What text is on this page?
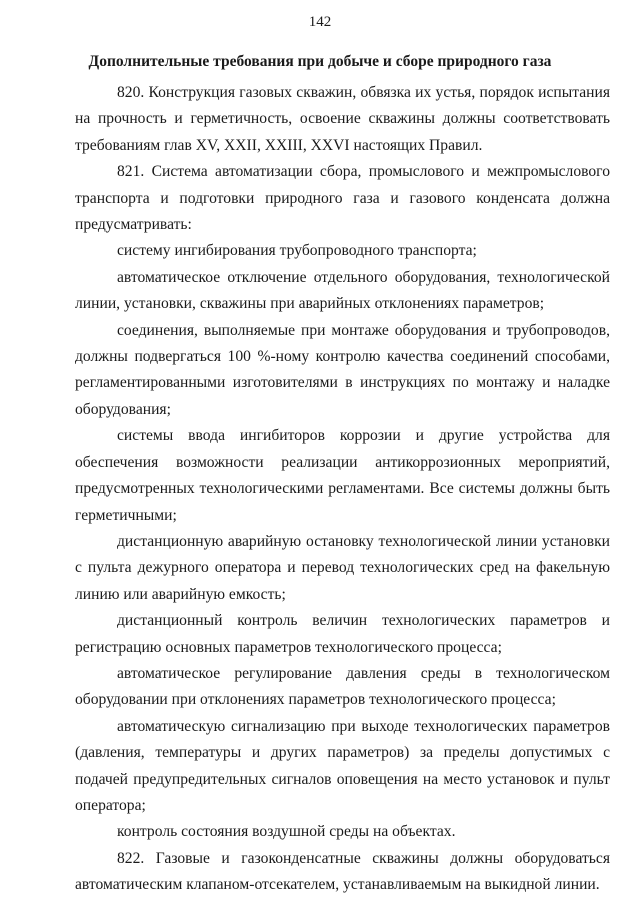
142
Дополнительные требования при добыче и сборе природного газа

820. Конструкция газовых скважин, обвязка их устья, порядок испытания на прочность и герметичность, освоение скважины должны соответствовать требованиям глав XV, XXII, XXIII, XXVI настоящих Правил.

821. Система автоматизации сбора, промыслового и межпромыслового транспорта и подготовки природного газа и газового конденсата должна предусматривать:

систему ингибирования трубопроводного транспорта;

автоматическое отключение отдельного оборудования, технологической линии, установки, скважины при аварийных отклонениях параметров;

соединения, выполняемые при монтаже оборудования и трубопроводов, должны подвергаться 100 %-ному контролю качества соединений способами, регламентированными изготовителями в инструкциях по монтажу и наладке оборудования;

системы ввода ингибиторов коррозии и другие устройства для обеспечения возможности реализации антикоррозионных мероприятий, предусмотренных технологическими регламентами. Все системы должны быть герметичными;

дистанционную аварийную остановку технологической линии установки с пульта дежурного оператора и перевод технологических сред на факельную линию или аварийную емкость;

дистанционный контроль величин технологических параметров и регистрацию основных параметров технологического процесса;

автоматическое регулирование давления среды в технологическом оборудовании при отклонениях параметров технологического процесса;

автоматическую сигнализацию при выходе технологических параметров (давления, температуры и других параметров) за пределы допустимых с подачей предупредительных сигналов оповещения на место установок и пульт оператора;

контроль состояния воздушной среды на объектах.

822. Газовые и газоконденсатные скважины должны оборудоваться автоматическим клапаном-отсекателем, устанавливаемым на выкидной линии.
